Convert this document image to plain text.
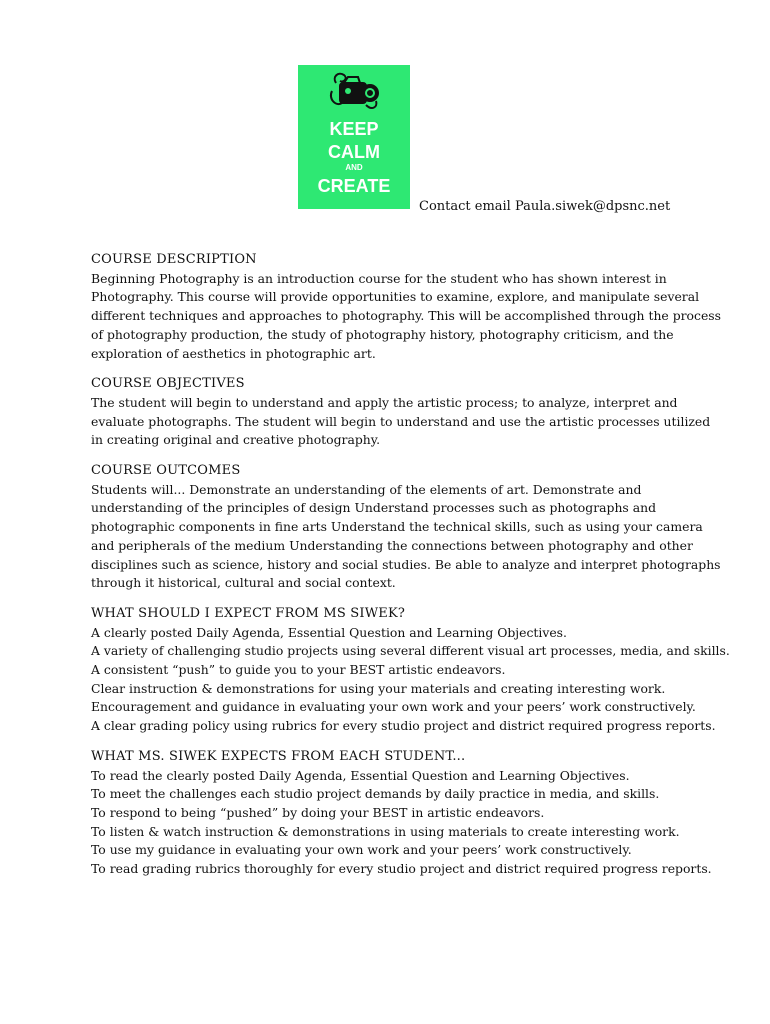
KEEP
CALM
AND
CREATE
Contact email Paula.siwek@dpsnc.net
COURSE DESCRIPTION
Beginning Photography is an introduction course for the student who has shown interest in
Photography. This course will provide opportunities to examine, explore, and manipulate several
different techniques and approaches to photography. This will be accomplished through the process
of photography production, the study of photography history, photography criticism, and the
exploration of aesthetics in photographic art.
COURSE OBJECTIVES
The student will begin to understand and apply the artistic process; to analyze, interpret and
evaluate photographs. The student will begin to understand and use the artistic processes utilized
in creating original and creative photography.
COURSE OUTCOMES
Students will... Demonstrate an understanding of the elements of art. Demonstrate and
understanding of the principles of design Understand processes such as photographs and
photographic components in fine arts Understand the technical skills, such as using your camera
and peripherals of the medium Understanding the connections between photography and other
disciplines such as science, history and social studies. Be able to analyze and interpret photographs
through it historical, cultural and social context.
WHAT SHOULD I EXPECT FROM MS SIWEK?
A clearly posted Daily Agenda, Essential Question and Learning Objectives.
A variety of challenging studio projects using several different visual art processes, media, and skills.
A consistent “push” to guide you to your BEST artistic endeavors.
Clear instruction & demonstrations for using your materials and creating interesting work.
Encouragement and guidance in evaluating your own work and your peers’ work constructively.
A clear grading policy using rubrics for every studio project and district required progress reports.
WHAT MS. SIWEK EXPECTS FROM EACH STUDENT...
To read the clearly posted Daily Agenda, Essential Question and Learning Objectives.
To meet the challenges each studio project demands by daily practice in media, and skills.
To respond to being “pushed” by doing your BEST in artistic endeavors.
To listen & watch instruction & demonstrations in using materials to create interesting work.
To use my guidance in evaluating your own work and your peers’ work constructively.
To read grading rubrics thoroughly for every studio project and district required progress reports.
